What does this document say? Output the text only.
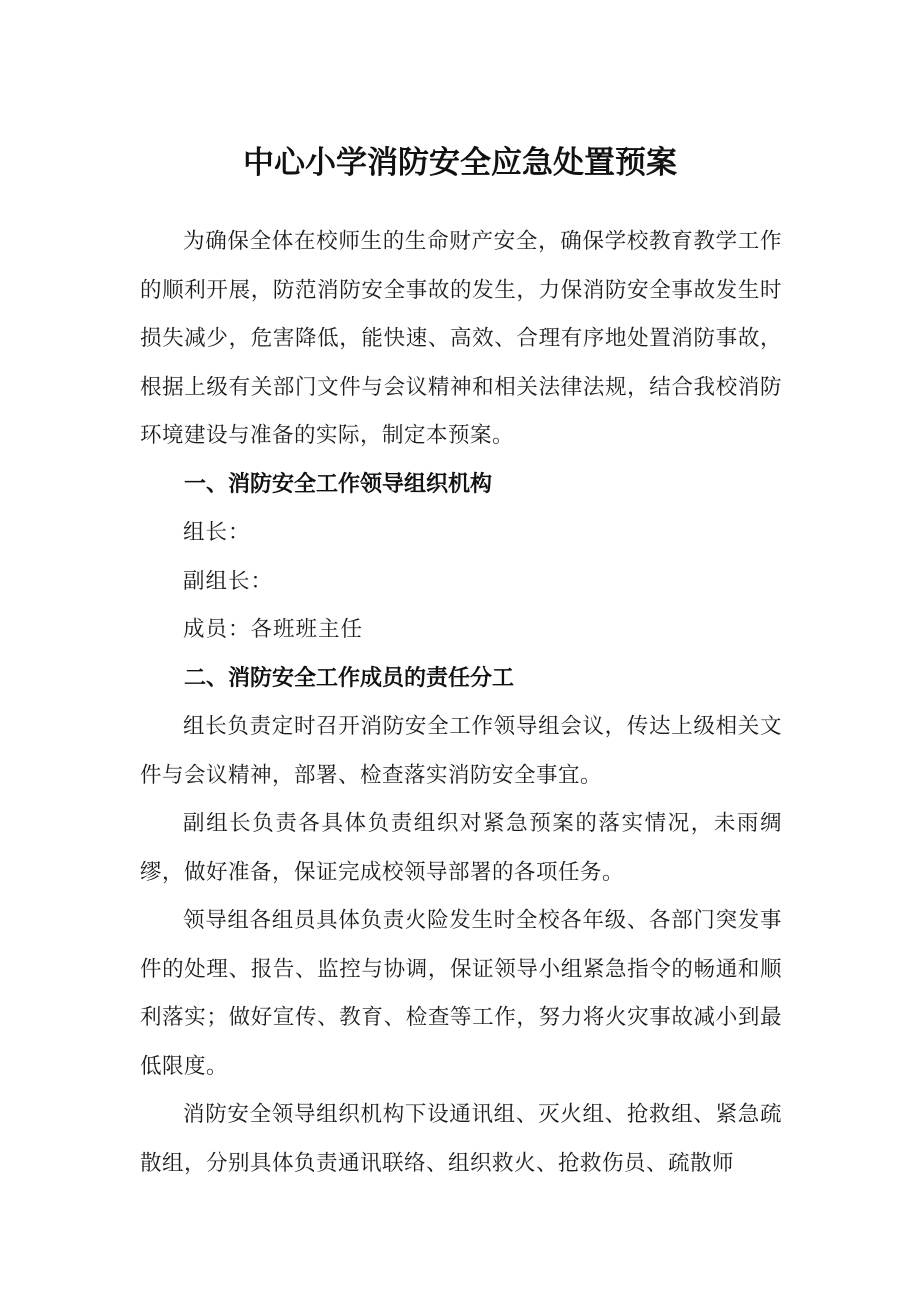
中心小学消防安全应急处置预案

为确保全体在校师生的生命财产安全，确保学校教育教学工作的顺利开展，防范消防安全事故的发生，力保消防安全事故发生时损失减少，危害降低，能快速、高效、合理有序地处置消防事故，根据上级有关部门文件与会议精神和相关法律法规，结合我校消防环境建设与准备的实际，制定本预案。

一、消防安全工作领导组织机构

组长：

副组长：

成员：各班班主任

二、消防安全工作成员的责任分工

组长负责定时召开消防安全工作领导组会议，传达上级相关文件与会议精神，部署、检查落实消防安全事宜。

副组长负责各具体负责组织对紧急预案的落实情况，未雨绸缪，做好准备，保证完成校领导部署的各项任务。

领导组各组员具体负责火险发生时全校各年级、各部门突发事件的处理、报告、监控与协调，保证领导小组紧急指令的畅通和顺利落实；做好宣传、教育、检查等工作，努力将火灾事故减小到最低限度。

消防安全领导组织机构下设通讯组、灭火组、抢救组、紧急疏散组，分别具体负责通讯联络、组织救火、抢救伤员、疏散师
